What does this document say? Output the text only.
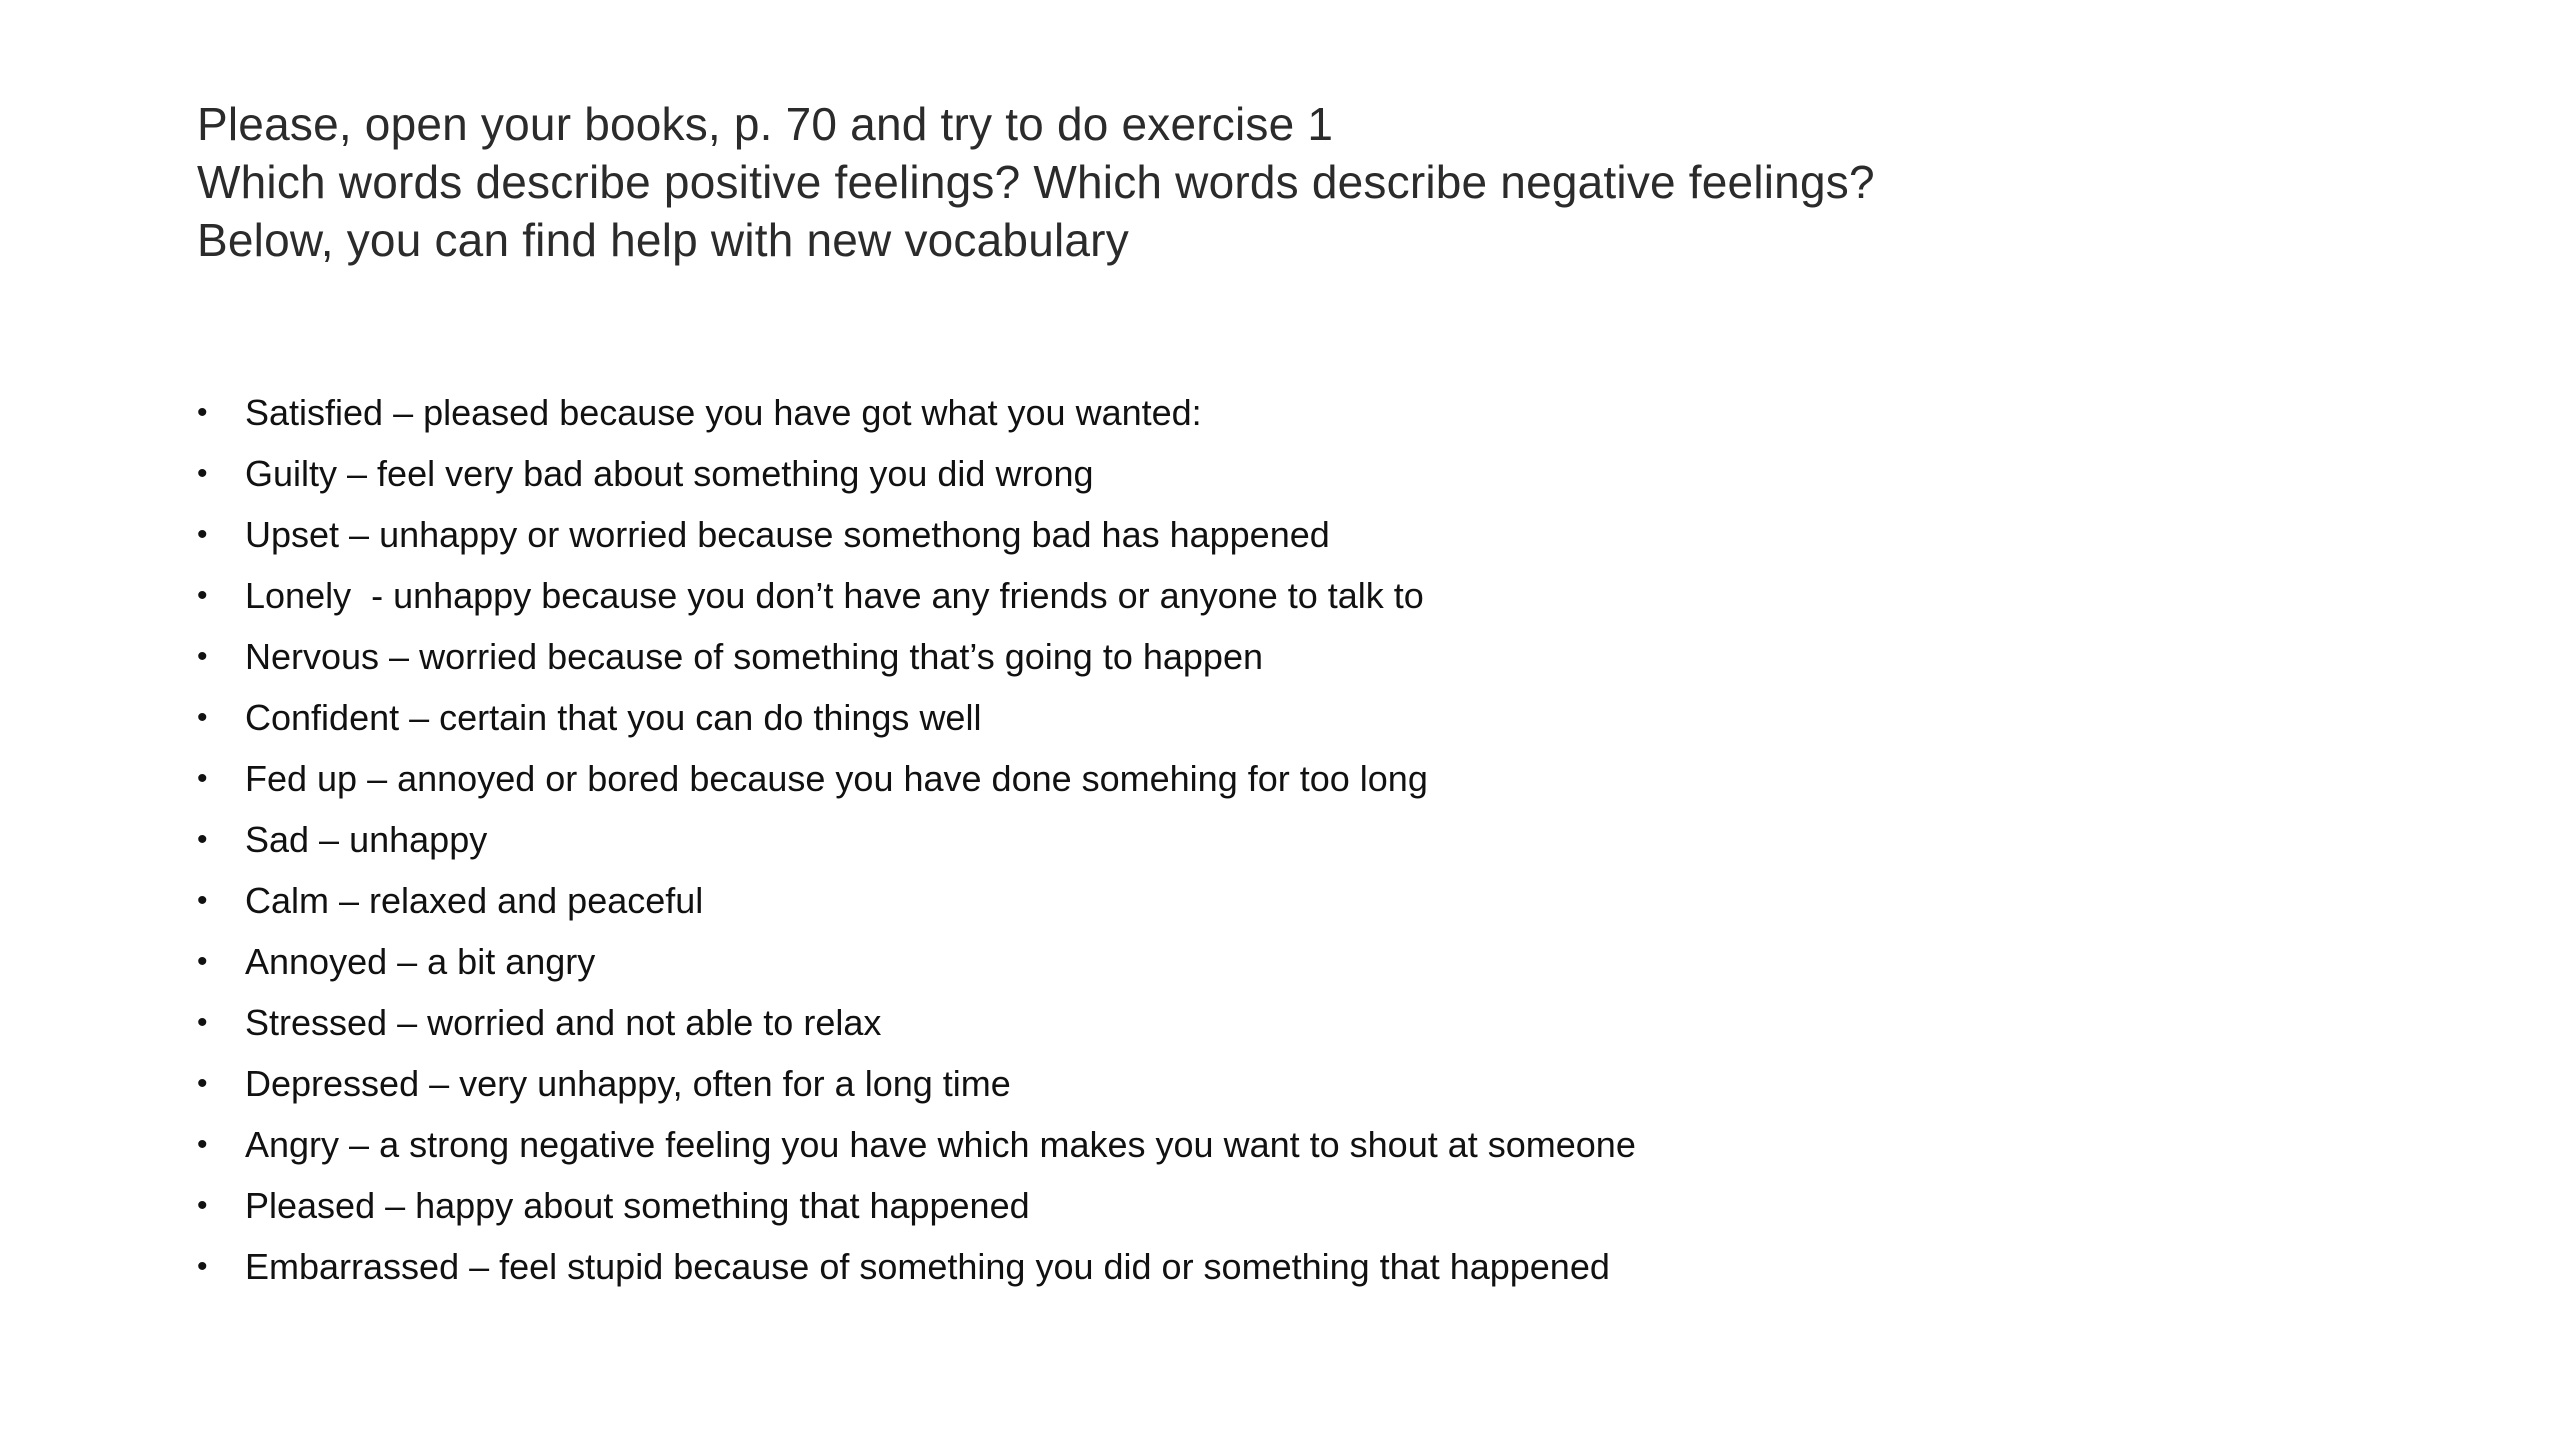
Please, open your books, p. 70 and try to do exercise 1
Which words describe positive feelings? Which words describe negative feelings?
Below, you can find help with new vocabulary
• Satisfied – pleased because you have got what you wanted:
• Guilty – feel very bad about something you did wrong
• Upset – unhappy or worried because somethong bad has happened
• Lonely  - unhappy because you don’t have any friends or anyone to talk to
• Nervous – worried because of something that’s going to happen
• Confident – certain that you can do things well
• Fed up – annoyed or bored because you have done somehing for too long
• Sad – unhappy
• Calm – relaxed and peaceful
• Annoyed – a bit angry
• Stressed – worried and not able to relax
• Depressed – very unhappy, often for a long time
• Angry – a strong negative feeling you have which makes you want to shout at someone
• Pleased – happy about something that happened
• Embarrassed – feel stupid because of something you did or something that happened
